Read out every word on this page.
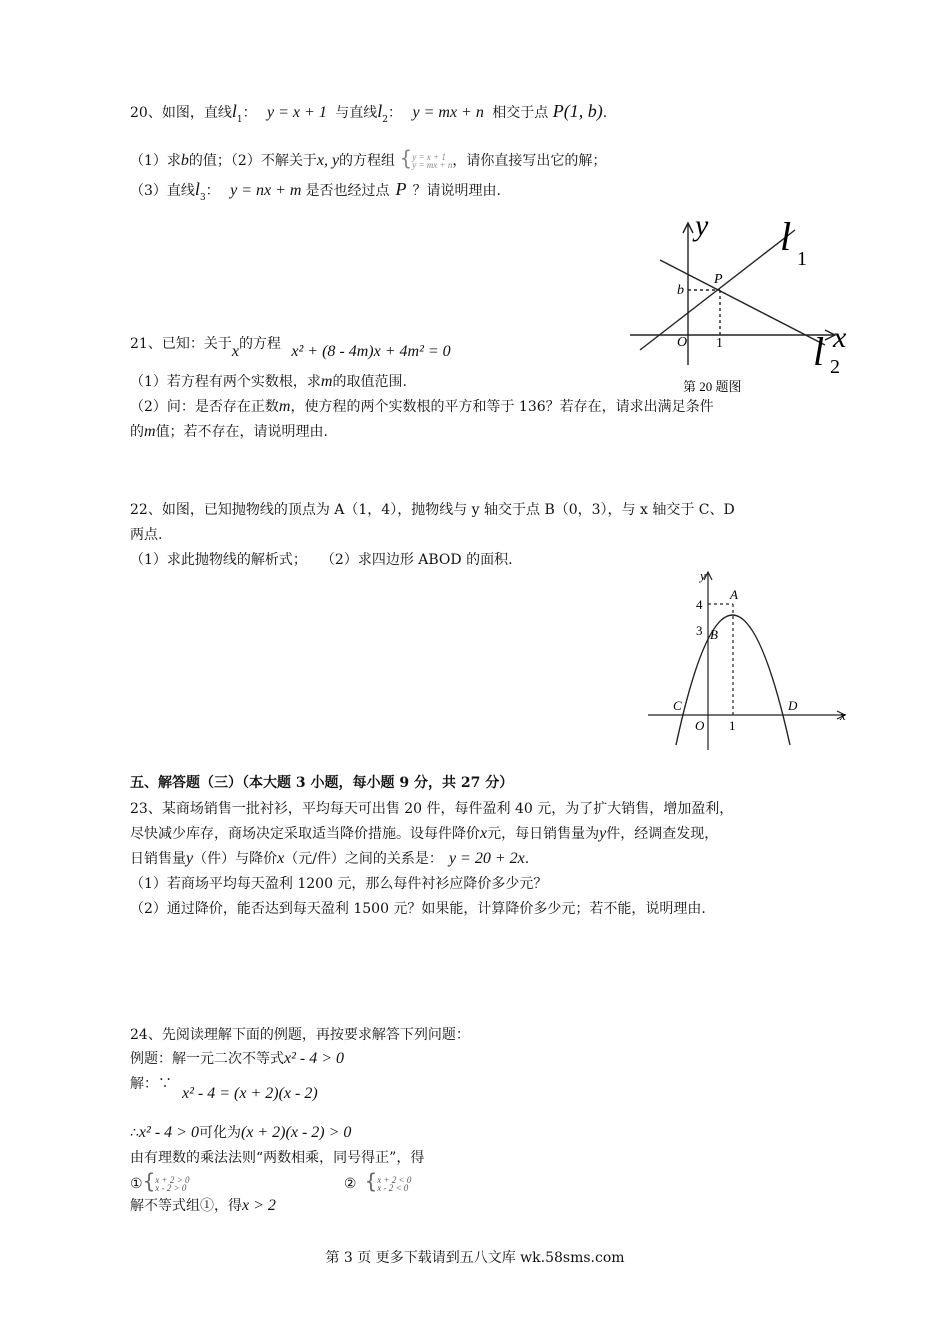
20、如图，直线$l_1$： y = x + 1 与直线$l_2$： y = mx + n 相交于点 P(1, b).
（1）求b的值；（2）不解关于x, y的方程组 { y = x + 1
y = mx + n ，请你直接写出它的解；
（3）直线$l_3$： y = nx + m 是否也经过点 P ？请说明理由.
y
x
l 1
l 2
P
b
O 1
第 20 题图
21、已知：关于x的方程 x² + (8 - 4m)x + 4m² = 0
（1）若方程有两个实数根，求m的取值范围.
（2）问：是否存在正数m，使方程的两个实数根的平方和等于 136？若存在，请求出满足条件
的m值；若不存在，请说明理由.
22、如图，已知抛物线的顶点为 A（1，4），抛物线与 y 轴交于点 B（0，3），与 x 轴交于 C、D
两点.
（1）求此抛物线的解析式；　　（2）求四边形 ABOD 的面积.
y
x
A
B
C	D
O
4
3
1
五、解答题（三）（本大题 3 小题，每小题 9 分，共 27 分）
23、某商场销售一批衬衫，平均每天可出售 20 件，每件盈利 40 元，为了扩大销售，增加盈利，
尽快减少库存，商场决定采取适当降价措施。设每件降价x元，每日销售量为y件，经调查发现，
日销售量y（件）与降价x（元/件）之间的关系是： y = 20 + 2x.
（1）若商场平均每天盈利 1200 元，那么每件衬衫应降价多少元？
（2）通过降价，能否达到每天盈利 1500 元？如果能，计算降价多少元；若不能，说明理由.
24、先阅读理解下面的例题，再按要求解答下列问题：
例题：解一元二次不等式x² - 4 > 0
解：∵
x² - 4 = (x + 2)(x - 2)
∴x² - 4 > 0可化为(x + 2)(x - 2) > 0
由有理数的乘法法则“两数相乘，同号得正”，得
①{ x + 2 > 0
x - 2 > 0	② { x + 2 < 0
x - 2 < 0
解不等式组①，得x > 2
第 3 页 更多下载请到五八文库 wk.58sms.com
